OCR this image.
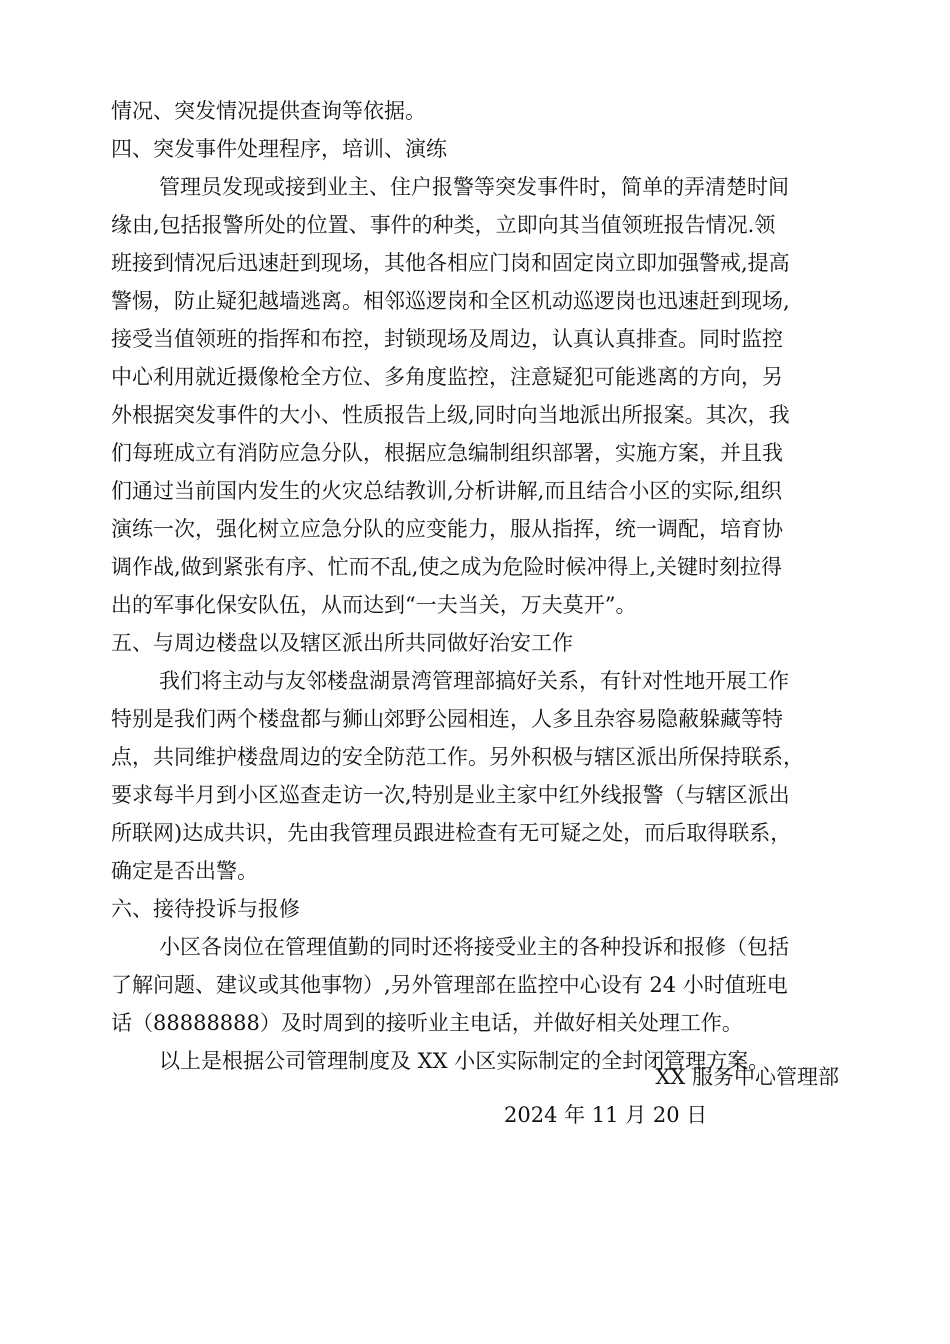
情况、突发情况提供查询等依据。
四、突发事件处理程序，培训、演练
管理员发现或接到业主、住户报警等突发事件时，简单的弄清楚时间
缘由,包括报警所处的位置、事件的种类，立即向其当值领班报告情况.领
班接到情况后迅速赶到现场，其他各相应门岗和固定岗立即加强警戒,提高
警惕，防止疑犯越墙逃离。相邻巡逻岗和全区机动巡逻岗也迅速赶到现场,
接受当值领班的指挥和布控，封锁现场及周边，认真认真排查。同时监控
中心利用就近摄像枪全方位、多角度监控，注意疑犯可能逃离的方向，另
外根据突发事件的大小、性质报告上级,同时向当地派出所报案。其次，我
们每班成立有消防应急分队，根据应急编制组织部署，实施方案，并且我
们通过当前国内发生的火灾总结教训,分析讲解,而且结合小区的实际,组织
演练一次，强化树立应急分队的应变能力，服从指挥，统一调配，培育协
调作战,做到紧张有序、忙而不乱,使之成为危险时候冲得上,关键时刻拉得
出的军事化保安队伍，从而达到“一夫当关，万夫莫开”。
五、与周边楼盘以及辖区派出所共同做好治安工作
我们将主动与友邻楼盘湖景湾管理部搞好关系，有针对性地开展工作
特别是我们两个楼盘都与狮山郊野公园相连，人多且杂容易隐蔽躲藏等特
点，共同维护楼盘周边的安全防范工作。另外积极与辖区派出所保持联系，
要求每半月到小区巡查走访一次,特别是业主家中红外线报警（与辖区派出
所联网)达成共识，先由我管理员跟进检查有无可疑之处，而后取得联系，
确定是否出警。
六、接待投诉与报修
小区各岗位在管理值勤的同时还将接受业主的各种投诉和报修（包括
了解问题、建议或其他事物）,另外管理部在监控中心设有 24 小时值班电
话（88888888）及时周到的接听业主电话，并做好相关处理工作。
以上是根据公司管理制度及 XX 小区实际制定的全封闭管理方案。
XX 服务中心管理部
2024 年 11 月 20 日
